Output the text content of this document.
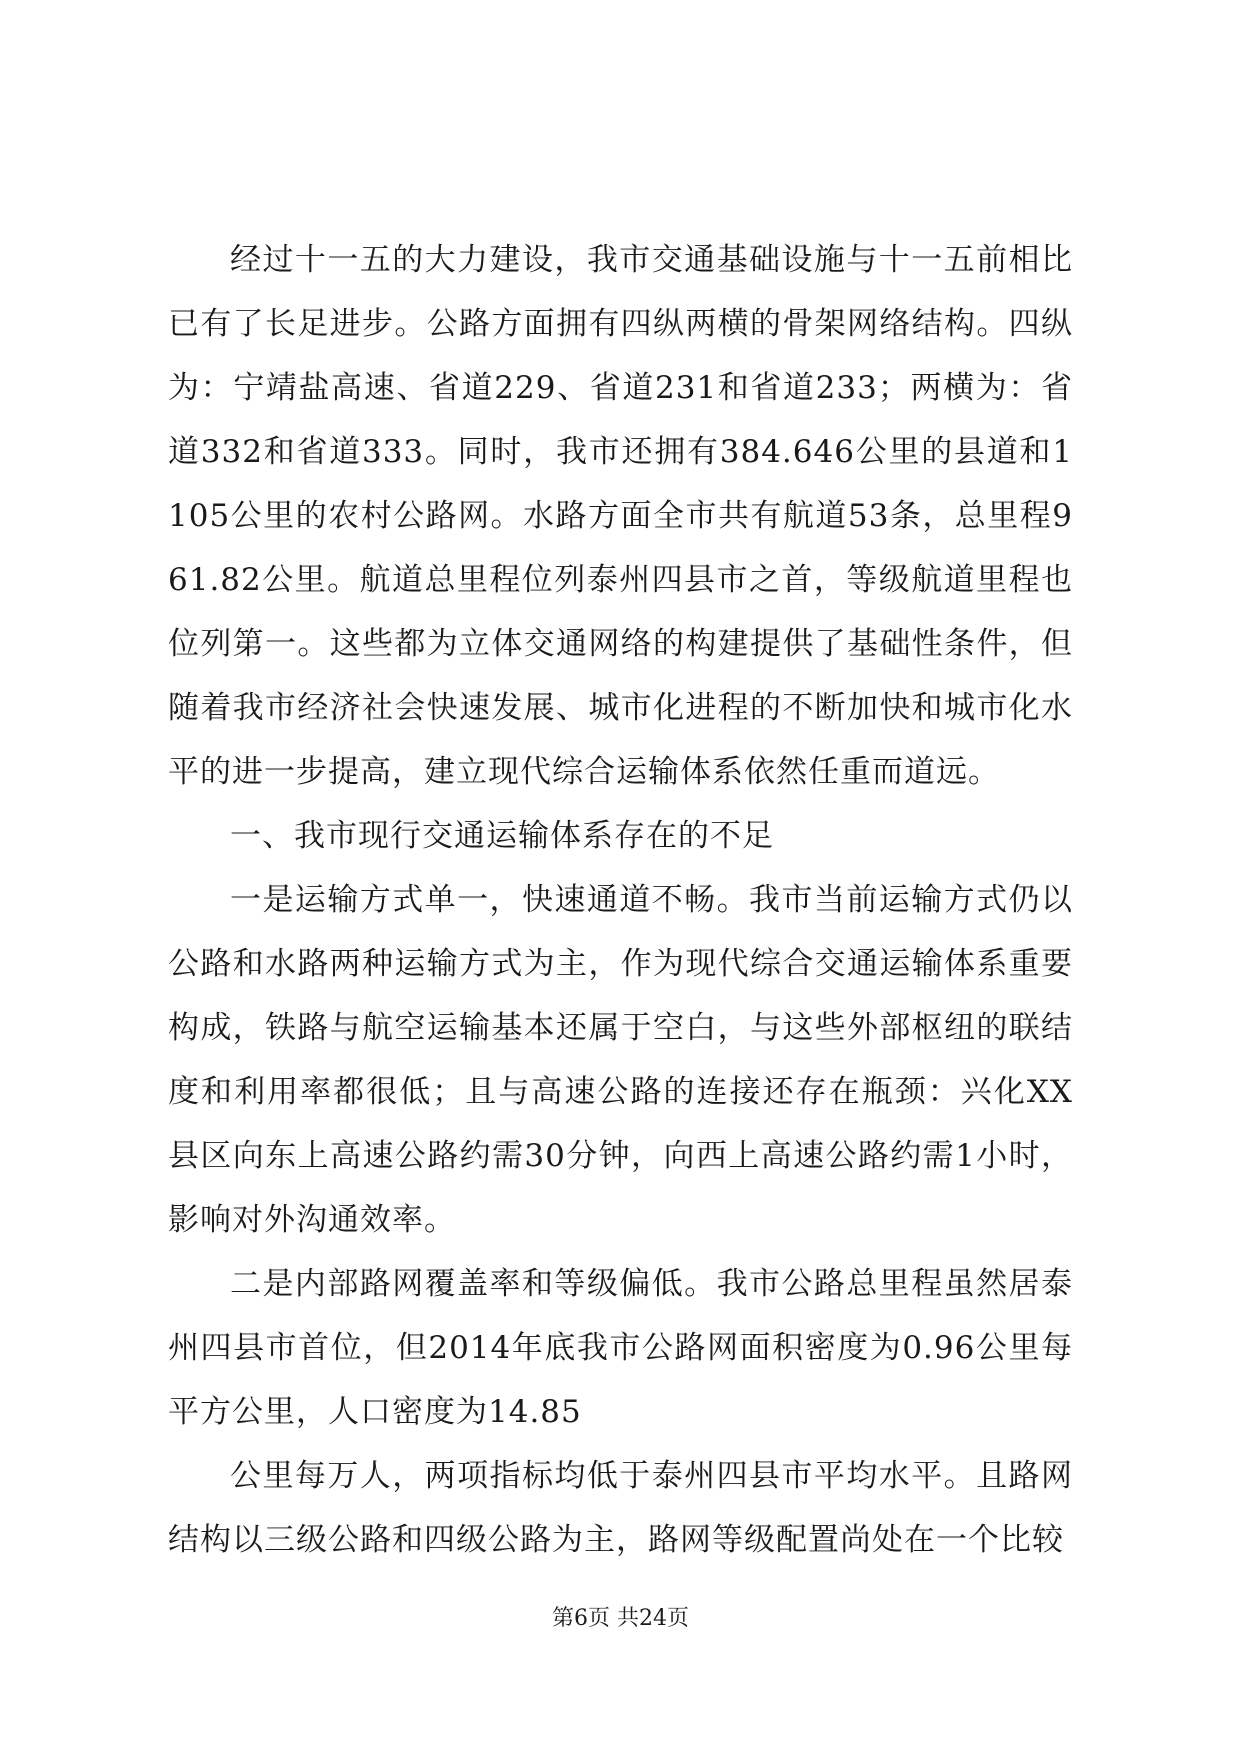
经过十一五的大力建设，我市交通基础设施与十一五前相比已有了长足进步。公路方面拥有四纵两横的骨架网络结构。四纵为：宁靖盐高速、省道229、省道231和省道233；两横为：省道332和省道333。同时，我市还拥有384.646公里的县道和1105公里的农村公路网。水路方面全市共有航道53条，总里程961.82公里。航道总里程位列泰州四县市之首，等级航道里程也位列第一。这些都为立体交通网络的构建提供了基础性条件，但随着我市经济社会快速发展、城市化进程的不断加快和城市化水平的进一步提高，建立现代综合运输体系依然任重而道远。

一、我市现行交通运输体系存在的不足

一是运输方式单一，快速通道不畅。我市当前运输方式仍以公路和水路两种运输方式为主，作为现代综合交通运输体系重要构成，铁路与航空运输基本还属于空白，与这些外部枢纽的联结度和利用率都很低；且与高速公路的连接还存在瓶颈：兴化XX县区向东上高速公路约需30分钟，向西上高速公路约需1小时，影响对外沟通效率。

二是内部路网覆盖率和等级偏低。我市公路总里程虽然居泰州四县市首位，但2014年底我市公路网面积密度为0.96公里每平方公里，人口密度为14.85

公里每万人，两项指标均低于泰州四县市平均水平。且路网结构以三级公路和四级公路为主，路网等级配置尚处在一个比较

第6页 共24页
